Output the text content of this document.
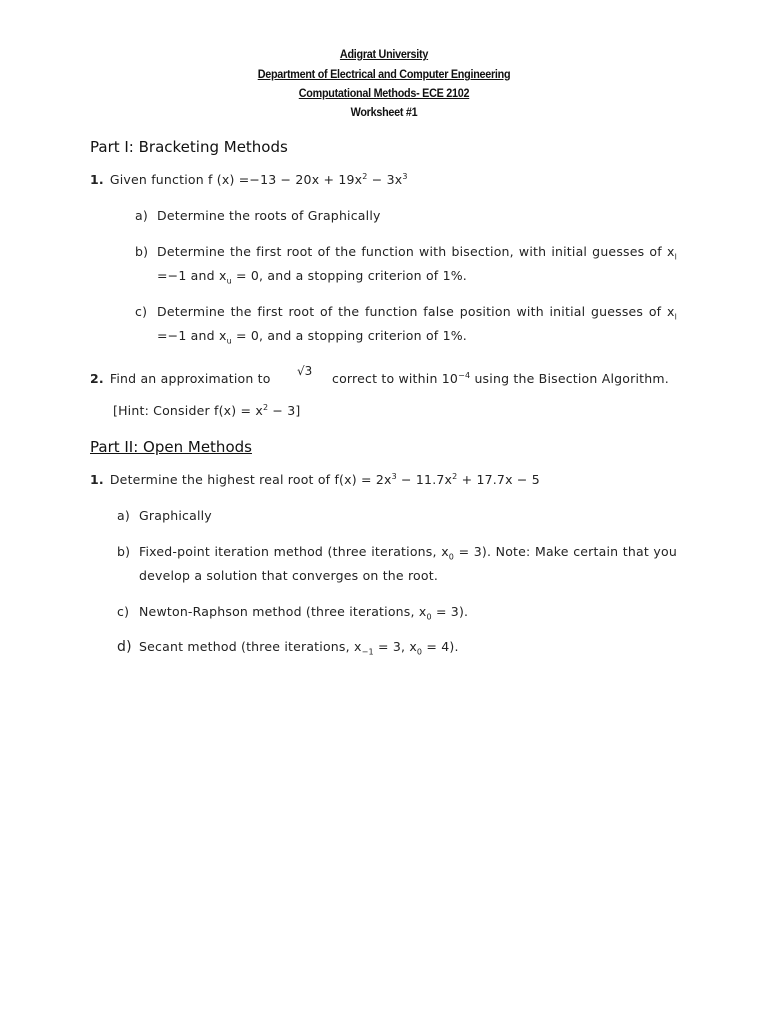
Adigrat University
Department of Electrical and Computer Engineering
Computational Methods- ECE 2102
Worksheet #1
Part I: Bracketing Methods
1. Given function f $(x) =-13 - 20x + 19x^2 - 3x^3$
a) Determine the roots of Graphically
b) Determine the first root of the function with bisection, with initial guesses of $x_l$
=−1 and $x_u = 0$, and a stopping criterion of 1%.
c) Determine the first root of the function false position with initial guesses of $x_l$
=−1 and $x_u = 0$, and a stopping criterion of 1%.
2. Find an approximation to √3
correct to within $10^{-4}$ using the Bisection Algorithm.
[Hint: Consider $f(x) = x^2 - 3$]
Part II: Open Methods
1. Determine the highest real root of $f(x) = 2x^3 - 11.7x^2 + 17.7x - 5$
a) Graphically
b) Fixed-point iteration method (three iterations, $x_0 = 3$). Note: Make certain that you
develop a solution that converges on the root.
c) Newton-Raphson method (three iterations, $x_0 = 3$).
d) Secant method (three iterations, $x_{-1} = 3$, $x_0 = 4$).
